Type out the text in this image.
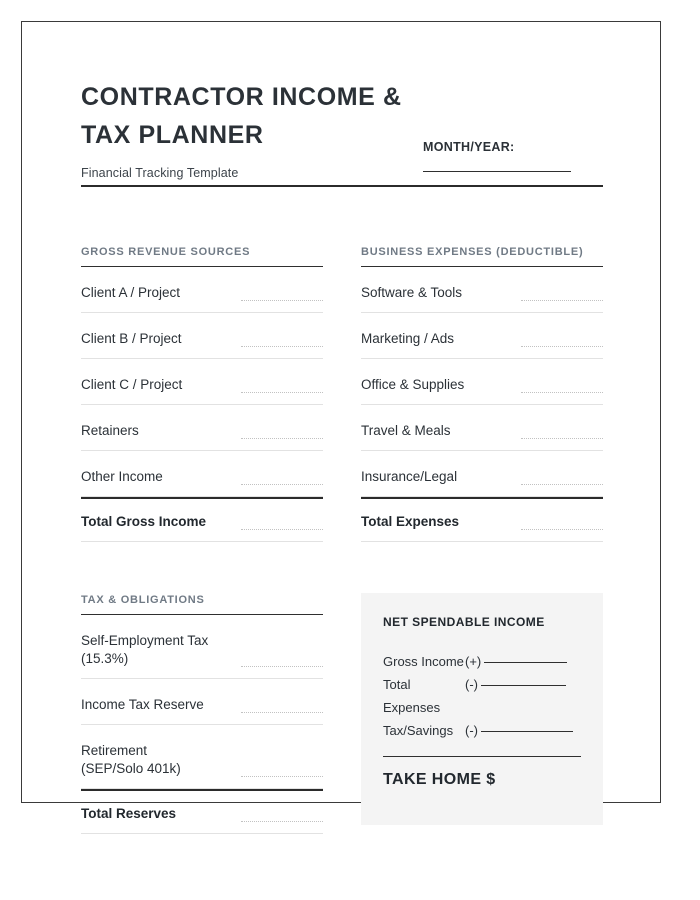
CONTRACTOR INCOME &
TAX PLANNER
Financial Tracking Template
MONTH/YEAR:
GROSS REVENUE SOURCES
Client A / Project
Client B / Project
Client C / Project
Retainers
Other Income
Total Gross Income
BUSINESS EXPENSES (DEDUCTIBLE)
Software & Tools
Marketing / Ads
Office & Supplies
Travel & Meals
Insurance/Legal
Total Expenses
TAX & OBLIGATIONS
Self-Employment Tax (15.3%)
Income Tax Reserve
Retirement (SEP/Solo 401k)
Total Reserves
NET SPENDABLE INCOME
Gross Income (+)
Total Expenses
(-)
Tax/Savings (-)
TAKE HOME $
